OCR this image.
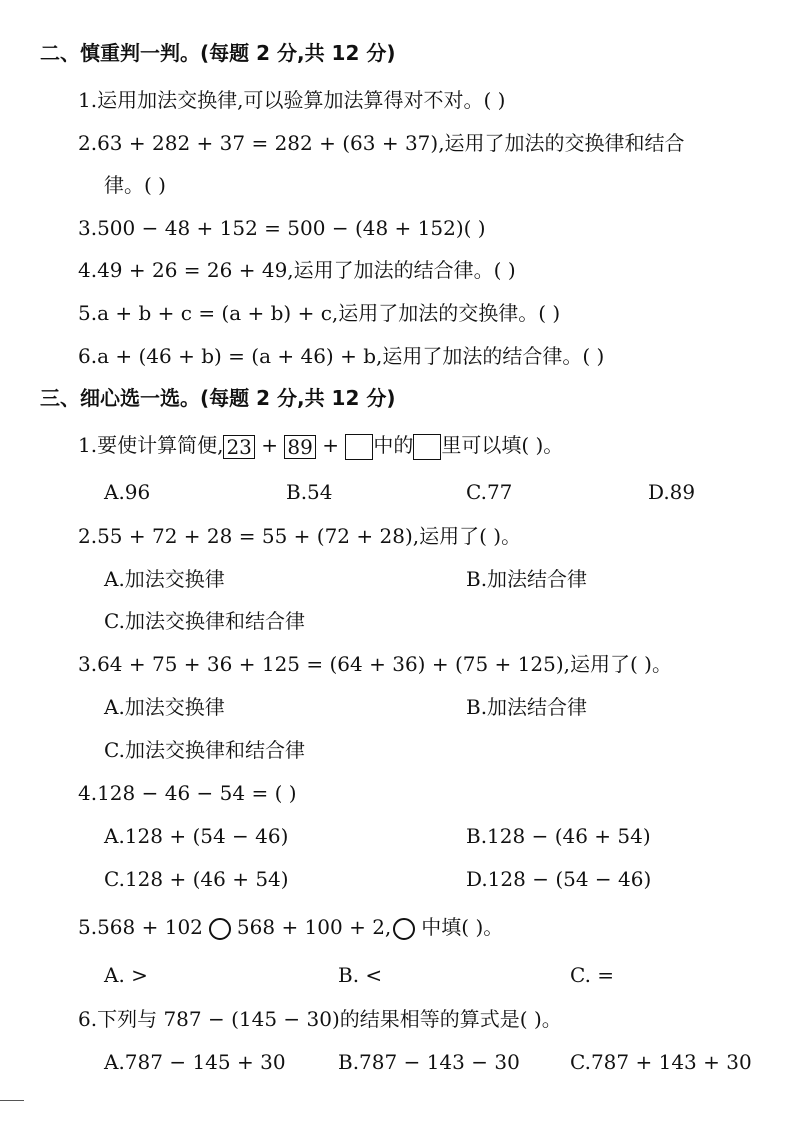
二、慎重判一判。(每题 2 分,共 12 分)
1.运用加法交换律,可以验算加法算得对不对。( )
2.63 + 282 + 37 = 282 + (63 + 37),运用了加法的交换律和结合
律。( )
3.500 − 48 + 152 = 500 − (48 + 152)( )
4.49 + 26 = 26 + 49,运用了加法的结合律。( )
5.a + b + c = (a + b) + c,运用了加法的交换律。( )
6.a + (46 + b) = (a + 46) + b,运用了加法的结合律。( )
三、细心选一选。(每题 2 分,共 12 分)
1.要使计算简便, 23 + 89 + 中的 里可以填( )。
A.96	B.54	C.77	D.89
2.55 + 72 + 28 = 55 + (72 + 28),运用了( )。
A.加法交换律	B.加法结合律
C.加法交换律和结合律
3.64 + 75 + 36 + 125 = (64 + 36) + (75 + 125),运用了( )。
A.加法交换律	B.加法结合律
C.加法交换律和结合律
4.128 − 46 − 54 = ( )
A.128 + (54 − 46)	B.128 − (46 + 54)
C.128 + (46 + 54)	D.128 − (54 − 46)
5.568 + 102 568 + 100 + 2, 中填( )。
A. >	B. <	C. =
6.下列与 787 − (145 − 30)的结果相等的算式是( )。
A.787 − 145 + 30	B.787 − 143 − 30	C.787 + 143 + 30
